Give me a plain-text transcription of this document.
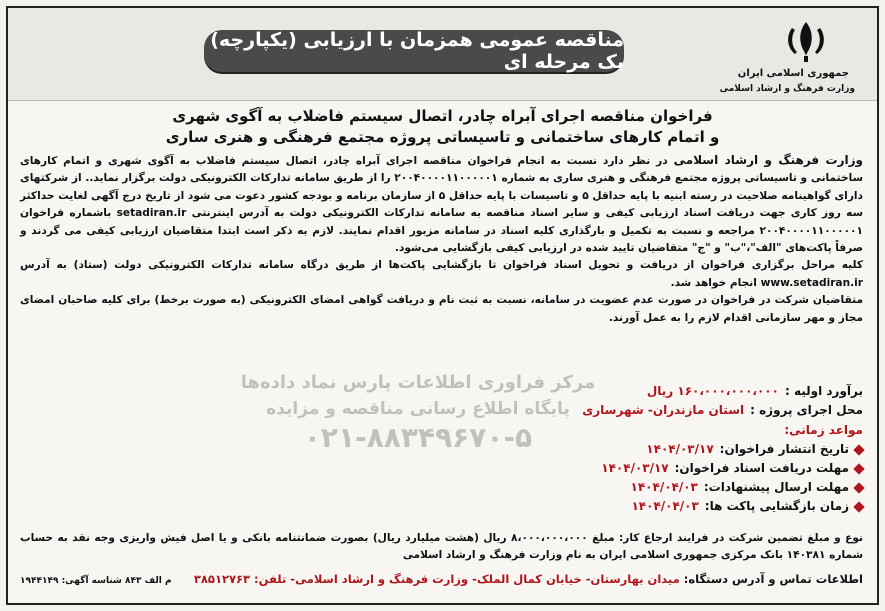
مناقصه عمومی همزمان با ارزیابی (یکپارچه) یک مرحله ای
جمهوری اسلامی ایران
وزارت فرهنگ و ارشاد اسلامی
فراخوان مناقصه اجرای آبراه چادر، اتصال سیستم فاضلاب به آگوی شهری
و اتمام کارهای ساختمانی و تاسیساتی پروژه مجتمع فرهنگی و هنری ساری

وزارت فرهنگ و ارشاد اسلامی در نظر دارد نسبت به انجام فراخوان مناقصه اجرای آبراه چادر، اتصال سیستم فاضلاب به آگوی شهری و اتمام کارهای ساختمانی و تاسیساتی پروژه مجتمع فرهنگی و هنری ساری به شماره ۲۰۰۴۰۰۰۰۱۱۰۰۰۰۰۱ را از طریق سامانه تدارکات الکترونیکی دولت برگزار نماید.. از شرکتهای دارای گواهینامه صلاحیت در رسته ابنیه با پایه حداقل ۵ و تاسیسات با پایه حداقل ۵ از سازمان برنامه و بودجه کشور دعوت می شود از تاریخ درج آگهی لغایت حداکثر سه روز کاری جهت دریافت اسناد ارزیابی کیفی و سایر اسناد مناقصه به سامانه تدارکات الکترونیکی دولت به آدرس اینترنتی setadiran.ir باشماره فراخوان ۲۰۰۴۰۰۰۰۱۱۰۰۰۰۰۱ مراجعه و نسبت به تکمیل و بارگذاری کلیه اسناد در سامانه مزبور اقدام نمایند. لازم به ذکر است ابتدا متقاضیان ارزیابی کیفی می گردند و صرفاً پاکت‌های "الف"،"ب" و "ج" متقاضیان تایید شده در ارزیابی کیفی بازگشایی می‌شود.

کلیه مراحل برگزاری فراخوان از دریافت و تحویل اسناد فراخوان تا بازگشایی پاکت‌ها از طریق درگاه سامانه تدارکات الکترونیکی دولت (ستاد) به آدرس www.setadiran.ir انجام خواهد شد.

متقاضیان شرکت در فراخوان در صورت عدم عضویت در سامانه، نسبت به ثبت نام و دریافت گواهی امضای الکترونیکی (به صورت برخط) برای کلیه صاحبان امضای مجاز و مهر سازمانی اقدام لازم را به عمل آورند.

مرکز فراوری اطلاعات پارس نماد داده‌ها
پایگاه اطلاع رسانی مناقصه و مزایده
۰۲۱-۸۸۳۴۹۶۷۰-۵
برآورد اولیه :
۱۶۰،۰۰۰،۰۰۰،۰۰۰ ریال
محل اجرای پروژه :
استان مازندران- شهرساری
مواعد زمانی:
تاریخ انتشار فراخوان:
۱۴۰۴/۰۳/۱۷
مهلت دریافت اسناد فراخوان:
۱۴۰۴/۰۳/۱۷
مهلت ارسال پیشنهادات:
۱۴۰۴/۰۴/۰۳
زمان بازگشایی پاکت ها:
۱۴۰۴/۰۴/۰۳

نوع و مبلغ تضمین شرکت در فرایند ارجاع کار: مبلغ ۸،۰۰۰،۰۰۰،۰۰۰ ریال (هشت میلیارد ریال) بصورت ضمانتنامه بانکی و یا اصل فیش واریزی وجه نقد به حساب شماره ۱۴۰۳۸۱ بانک مرکزی جمهوری اسلامی ایران به نام وزارت فرهنگ و ارشاد اسلامی

اطلاعات تماس و آدرس دستگاه: میدان بهارستان- خیابان کمال الملک- وزارت فرهنگ و ارشاد اسلامی- تلفن: ۳۸۵۱۲۷۶۳
م الف ۸۴۳ شناسه آگهی: ۱۹۴۴۱۴۹
